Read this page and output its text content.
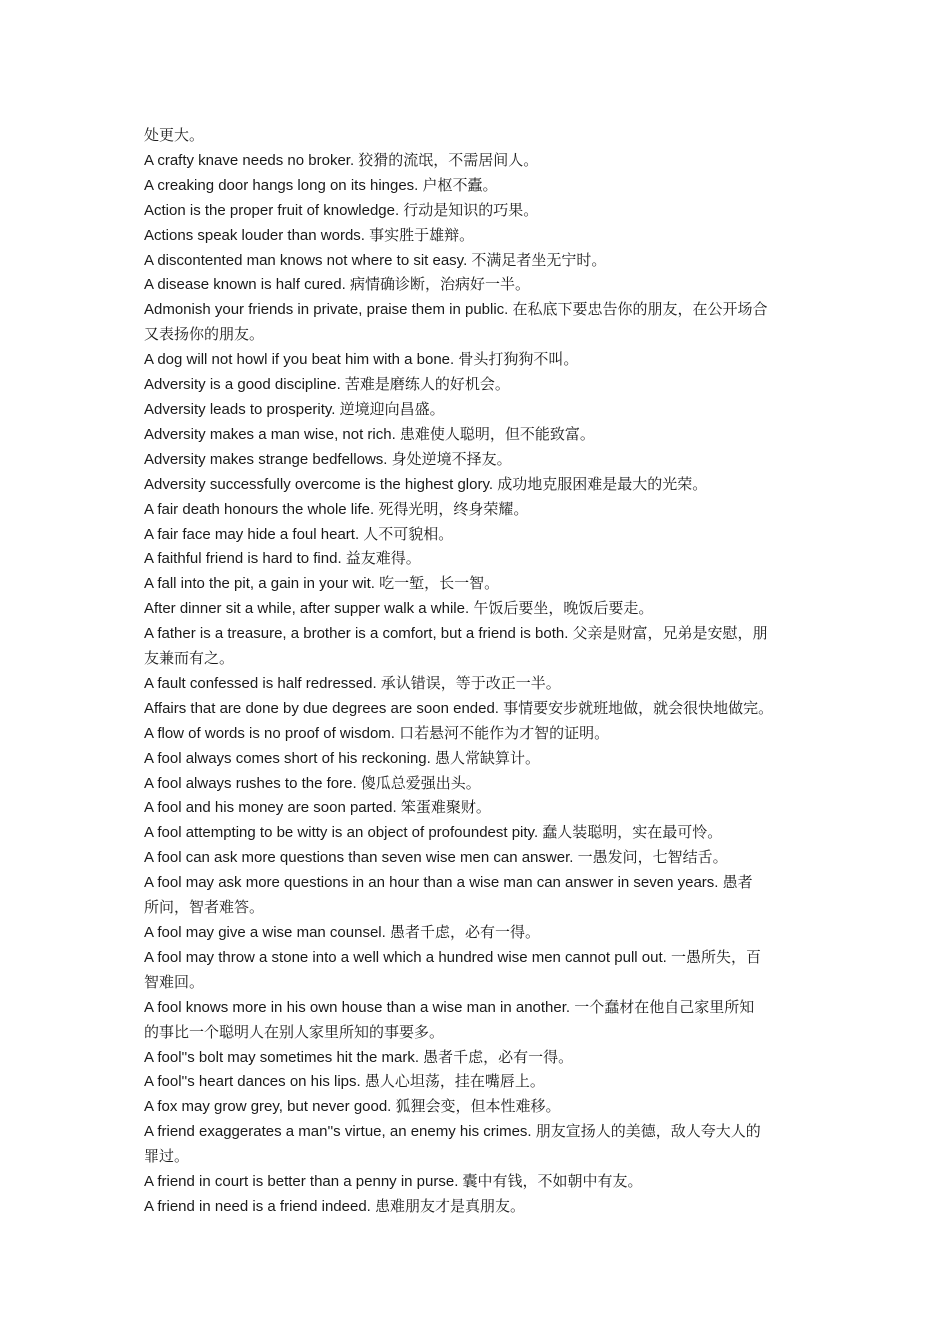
处更大。

A crafty knave needs no broker. 狡猾的流氓，不需居间人。

A creaking door hangs long on its hinges. 户枢不蠹。

Action is the proper fruit of knowledge. 行动是知识的巧果。

Actions speak louder than words. 事实胜于雄辩。

A discontented man knows not where to sit easy. 不满足者坐无宁时。

A disease known is half cured. 病情确诊断，治病好一半。

Admonish your friends in private, praise them in public. 在私底下要忠告你的朋友，在公开场合

又表扬你的朋友。

A dog will not howl if you beat him with a bone. 骨头打狗狗不叫。

Adversity is a good discipline. 苦难是磨练人的好机会。

Adversity leads to prosperity. 逆境迎向昌盛。

Adversity makes a man wise, not rich. 患难使人聪明，但不能致富。

Adversity makes strange bedfellows. 身处逆境不择友。

Adversity successfully overcome is the highest glory. 成功地克服困难是最大的光荣。

A fair death honours the whole life. 死得光明，终身荣耀。

A fair face may hide a foul heart. 人不可貌相。

A faithful friend is hard to find. 益友难得。

A fall into the pit, a gain in your wit. 吃一堑，长一智。

After dinner sit a while, after supper walk a while. 午饭后要坐，晚饭后要走。

A father is a treasure, a brother is a comfort, but a friend is both. 父亲是财富，兄弟是安慰，朋

友兼而有之。

A fault confessed is half redressed. 承认错误，等于改正一半。

Affairs that are done by due degrees are soon ended. 事情要安步就班地做，就会很快地做完。

A flow of words is no proof of wisdom. 口若悬河不能作为才智的证明。

A fool always comes short of his reckoning. 愚人常缺算计。

A fool always rushes to the fore. 傻瓜总爱强出头。

A fool and his money are soon parted. 笨蛋难聚财。

A fool attempting to be witty is an object of profoundest pity. 蠢人装聪明，实在最可怜。

A fool can ask more questions than seven wise men can answer. 一愚发问，七智结舌。

A fool may ask more questions in an hour than a wise man can answer in seven years. 愚者

所问，智者难答。

A fool may give a wise man counsel. 愚者千虑，必有一得。

A fool may throw a stone into a well which a hundred wise men cannot pull out. 一愚所失，百

智难回。

A fool knows more in his own house than a wise man in another. 一个蠢材在他自己家里所知

的事比一个聪明人在别人家里所知的事要多。

A fool''s bolt may sometimes hit the mark. 愚者千虑，必有一得。

A fool''s heart dances on his lips. 愚人心坦荡，挂在嘴唇上。

A fox may grow grey, but never good. 狐狸会变，但本性难移。

A friend exaggerates a man''s virtue, an enemy his crimes. 朋友宣扬人的美德，敌人夸大人的

罪过。

A friend in court is better than a penny in purse. 囊中有钱，不如朝中有友。

A friend in need is a friend indeed. 患难朋友才是真朋友。
